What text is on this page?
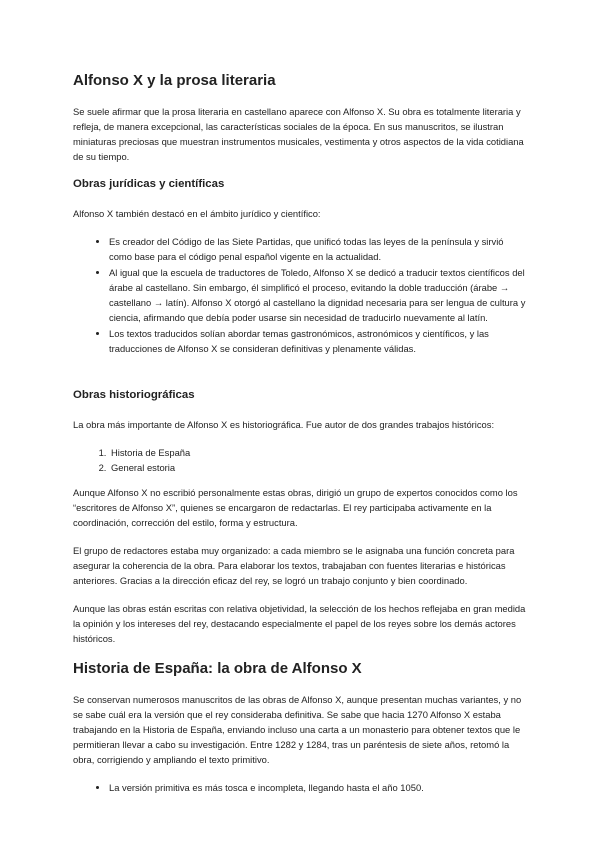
Alfonso X y la prosa literaria

Se suele afirmar que la prosa literaria en castellano aparece con Alfonso X. Su obra es totalmente literaria y refleja, de manera excepcional, las características sociales de la época. En sus manuscritos, se ilustran miniaturas preciosas que muestran instrumentos musicales, vestimenta y otros aspectos de la vida cotidiana de su tiempo.

Obras jurídicas y científicas

Alfonso X también destacó en el ámbito jurídico y científico:

• Es creador del Código de las Siete Partidas, que unificó todas las leyes de la península y sirvió como base para el código penal español vigente en la actualidad.
• Al igual que la escuela de traductores de Toledo, Alfonso X se dedicó a traducir textos científicos del árabe al castellano. Sin embargo, él simplificó el proceso, evitando la doble traducción (árabe → castellano → latín). Alfonso X otorgó al castellano la dignidad necesaria para ser lengua de cultura y ciencia, afirmando que debía poder usarse sin necesidad de traducirlo nuevamente al latín.
• Los textos traducidos solían abordar temas gastronómicos, astronómicos y científicos, y las traducciones de Alfonso X se consideran definitivas y plenamente válidas.
Obras historiográficas

La obra más importante de Alfonso X es historiográfica. Fue autor de dos grandes trabajos históricos:

1. Historia de España
2. General estoria

Aunque Alfonso X no escribió personalmente estas obras, dirigió un grupo de expertos conocidos como los “escritores de Alfonso X”, quienes se encargaron de redactarlas. El rey participaba activamente en la coordinación, corrección del estilo, forma y estructura.

El grupo de redactores estaba muy organizado: a cada miembro se le asignaba una función concreta para asegurar la coherencia de la obra. Para elaborar los textos, trabajaban con fuentes literarias e históricas anteriores. Gracias a la dirección eficaz del rey, se logró un trabajo conjunto y bien coordinado.

Aunque las obras están escritas con relativa objetividad, la selección de los hechos reflejaba en gran medida la opinión y los intereses del rey, destacando especialmente el papel de los reyes sobre los demás actores históricos.

Historia de España: la obra de Alfonso X

Se conservan numerosos manuscritos de las obras de Alfonso X, aunque presentan muchas variantes, y no se sabe cuál era la versión que el rey consideraba definitiva. Se sabe que hacia 1270 Alfonso X estaba trabajando en la Historia de España, enviando incluso una carta a un monasterio para obtener textos que le permitieran llevar a cabo su investigación. Entre 1282 y 1284, tras un paréntesis de siete años, retomó la obra, corrigiendo y ampliando el texto primitivo.

• La versión primitiva es más tosca e incompleta, llegando hasta el año 1050.
